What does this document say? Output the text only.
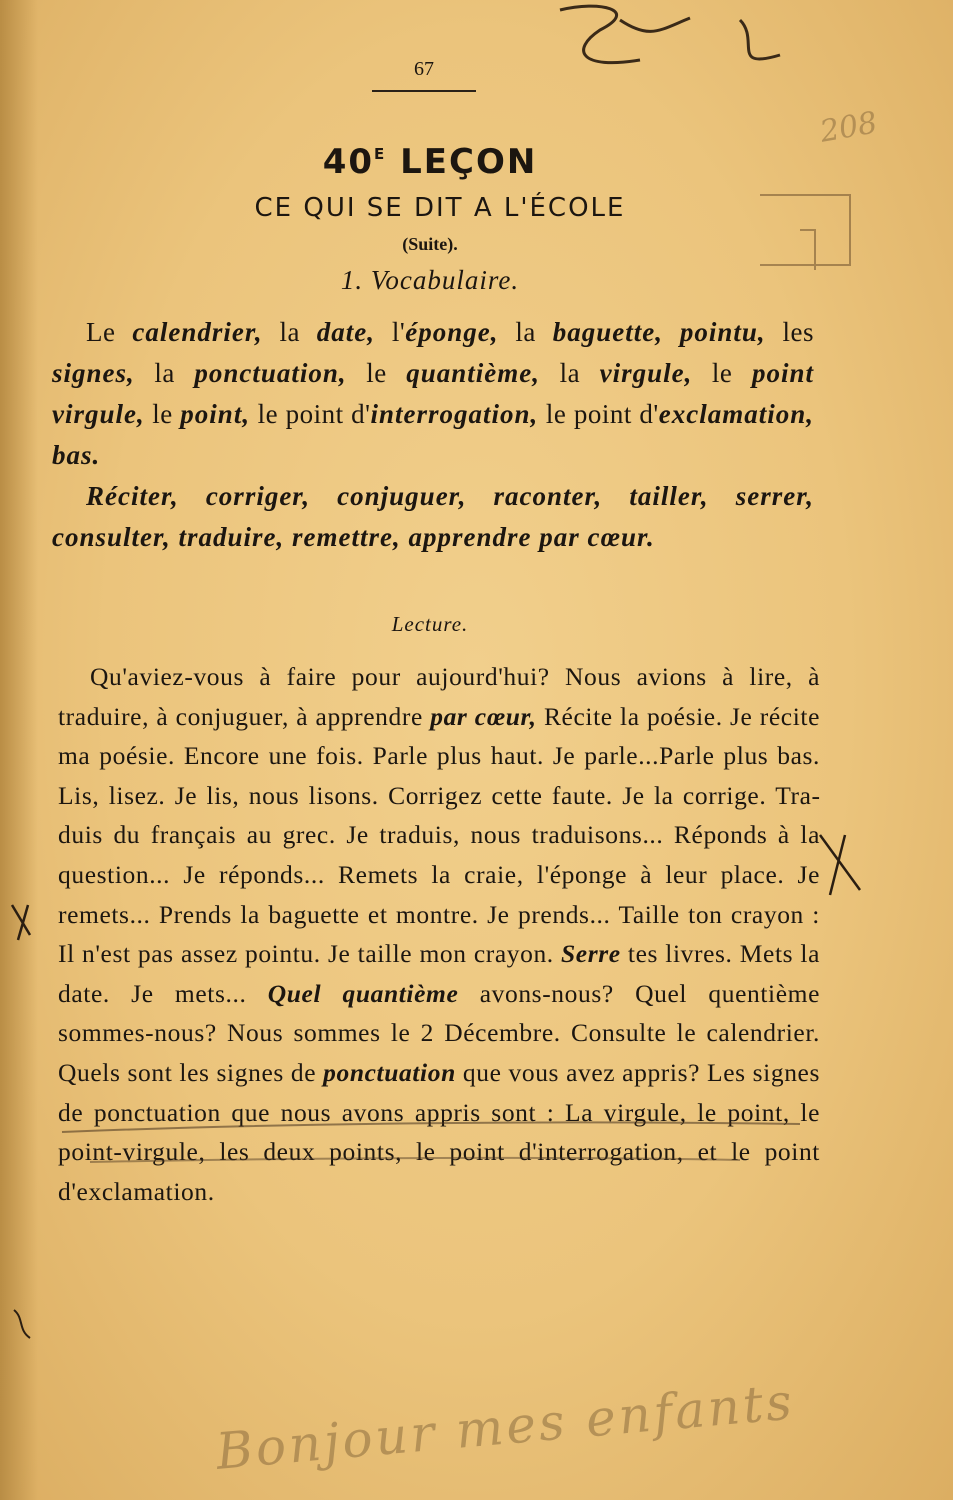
67
$40^E$ LEÇON
CE QUI SE DIT A L'ÉCOLE
(Suite).
1. Vocabulaire.

Le calendrier, la date, l'éponge, la baguette, pointu, les signes, la ponctuation, le quantième, la virgule, le point virgule, le point, le point d'interrogation, le point d'exclamation, bas.

Réciter, corriger, conjuguer, raconter, tailler, serrer, consulter, traduire, remettre, apprendre par cœur.

Lecture.

Qu'aviez-vous à faire pour aujourd'hui? Nous avions à lire, à traduire, à conjuguer, à apprendre par cœur, Récite la poésie. Je récite ma poésie. Encore une fois. Parle plus haut. Je parle...Parle plus bas. Lis, lisez. Je lis, nous lisons. Corrigez cette faute. Je la corrige. Traduis du français au grec. Je traduis, nous traduisons... Réponds à la question... Je réponds... Remets la craie, l'éponge à leur place. Je remets... Prends la baguette et montre. Je prends... Taille ton crayon : Il n'est pas assez pointu. Je taille mon crayon. Serre tes livres. Mets la date. Je mets... Quel quantième avons-nous? Quel quentième sommes-nous? Nous sommes le 2 Décembre. Consulte le calendrier. Quels sont les signes de ponctuation que vous avez appris? Les signes de ponctuation que nous avons appris sont : La virgule, le point, le point-virgule, les deux points, le point d'interrogation, et le point d'exclamation.

208
Bonjour mes enfants
